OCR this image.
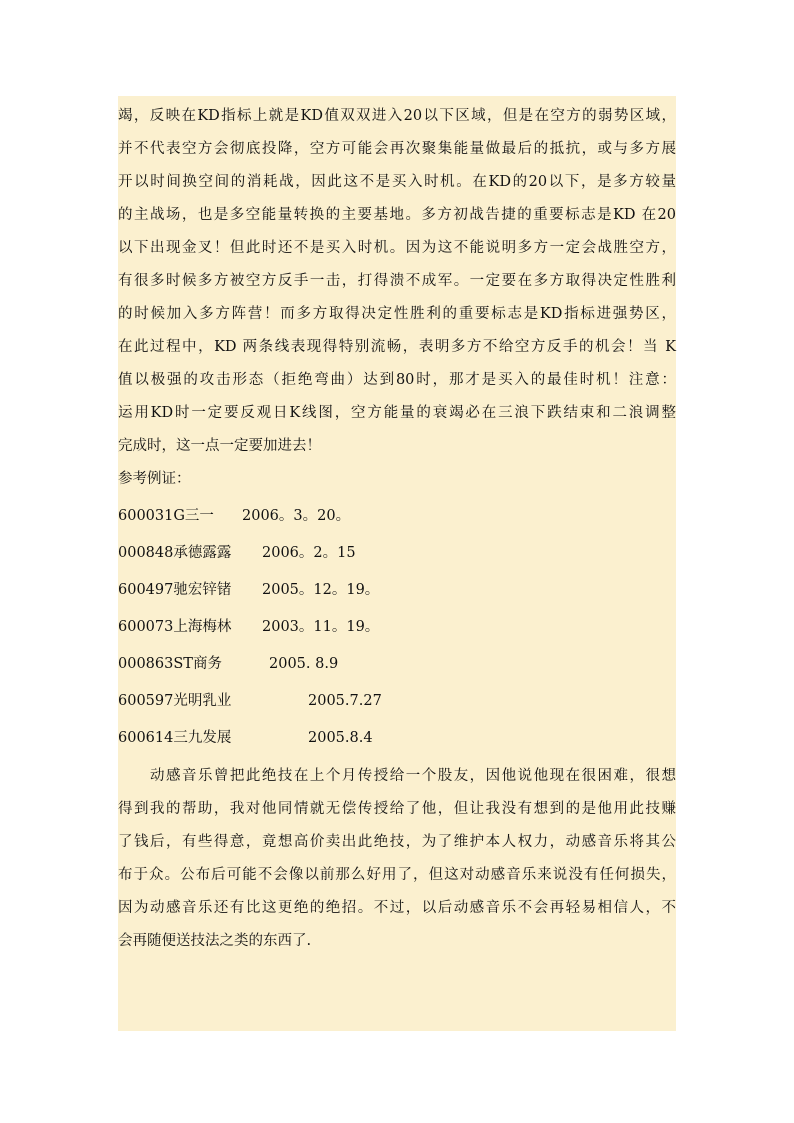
竭，反映在KD指标上就是KD值双双进入20以下区域，但是在空方的弱势区域，
并不代表空方会彻底投降，空方可能会再次聚集能量做最后的抵抗，或与多方展
开以时间换空间的消耗战，因此这不是买入时机。在KD的20以下，是多方较量
的主战场，也是多空能量转换的主要基地。多方初战告捷的重要标志是KD 在20
以下出现金叉！但此时还不是买入时机。因为这不能说明多方一定会战胜空方，
有很多时候多方被空方反手一击，打得溃不成军。一定要在多方取得决定性胜利
的时候加入多方阵营！而多方取得决定性胜利的重要标志是KD指标进强势区，
在此过程中，KD 两条线表现得特别流畅，表明多方不给空方反手的机会！当 K
值以极强的攻击形态（拒绝弯曲）达到80时，那才是买入的最佳时机！注意：
运用KD时一定要反观日K线图，空方能量的衰竭必在三浪下跌结束和二浪调整
完成时，这一点一定要加进去！
参考例证：
600031G三一 2006。3。20。
000848承德露露 2006。2。15
600497驰宏锌锗 2005。12。19。
600073上海梅林 2003。11。19。
000863ST商务	2005. 8.9
600597光明乳业	2005.7.27
600614三九发展	2005.8.4
动感音乐曾把此绝技在上个月传授给一个股友，因他说他现在很困难，很想
得到我的帮助，我对他同情就无偿传授给了他，但让我没有想到的是他用此技赚
了钱后，有些得意，竟想高价卖出此绝技，为了维护本人权力，动感音乐将其公
布于众。公布后可能不会像以前那么好用了，但这对动感音乐来说没有任何损失，
因为动感音乐还有比这更绝的绝招。不过，以后动感音乐不会再轻易相信人，不
会再随便送技法之类的东西了.
